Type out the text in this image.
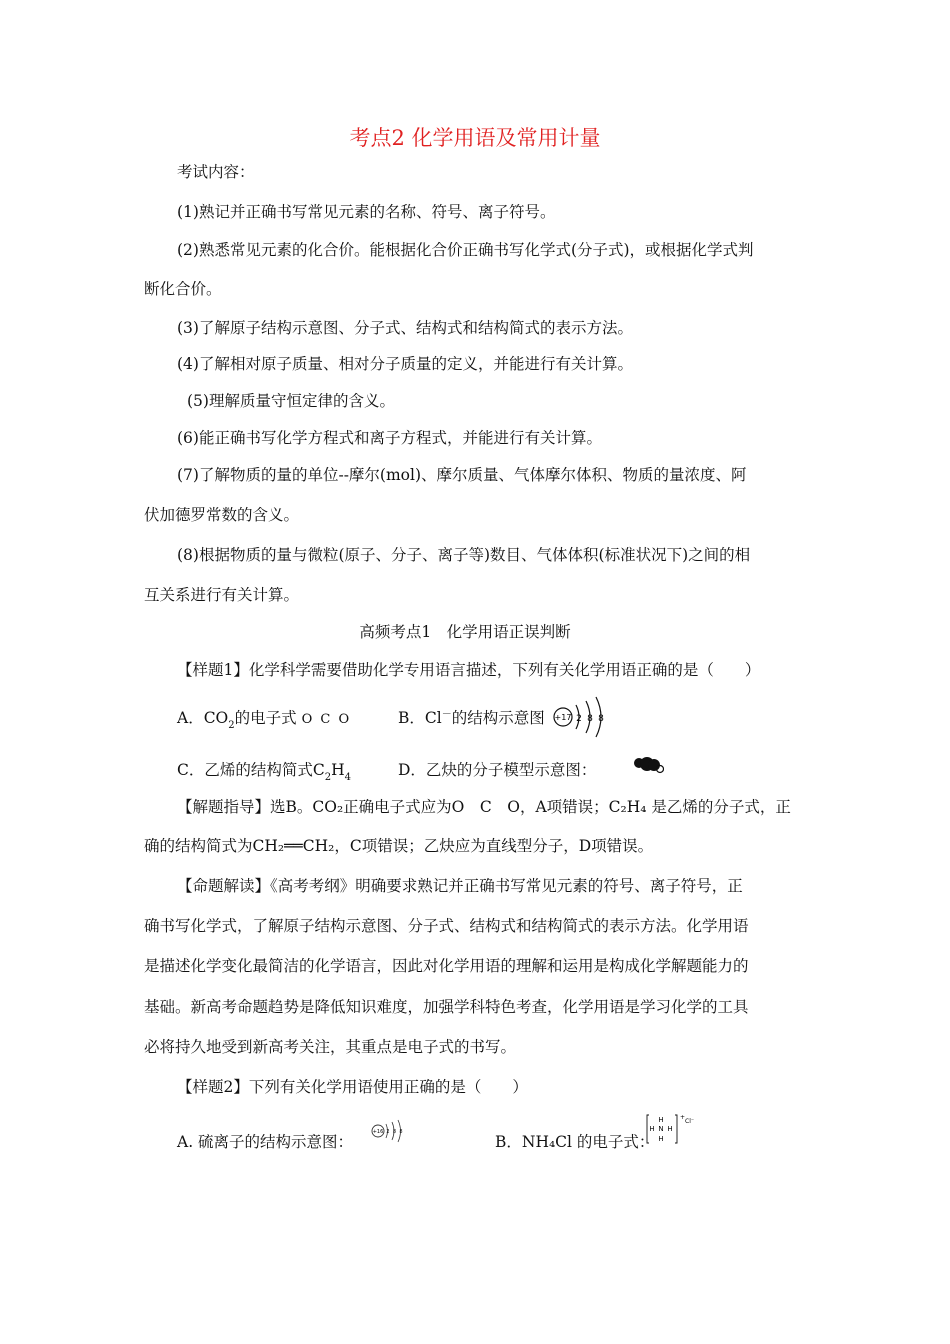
考点2 化学用语及常用计量
考试内容：
(1)熟记并正确书写常见元素的名称、符号、离子符号。
(2)熟悉常见元素的化合价。能根据化合价正确书写化学式(分子式)，或根据化学式判
断化合价。
(3)了解原子结构示意图、分子式、结构式和结构简式的表示方法。
(4)了解相对原子质量、相对分子质量的定义，并能进行有关计算。
(5)理解质量守恒定律的含义。
(6)能正确书写化学方程式和离子方程式，并能进行有关计算。
(7)了解物质的量的单位--摩尔(mol)、摩尔质量、气体摩尔体积、物质的量浓度、阿
伏加德罗常数的含义。
(8)根据物质的量与微粒(原子、分子、离子等)数目、气体体积(标准状况下)之间的相
互关系进行有关计算。
高频考点1　化学用语正误判断
【样题1】化学科学需要借助化学专用语言描述，下列有关化学用语正确的是（　　）
A．$CO_2$的电子式 O C O	B．Cl－的结构示意图 +17 2 8 8
C．乙烯的结构简式$C_2H_4$	D．乙炔的分子模型示意图：
【解题指导】选B。CO₂正确电子式应为O　C　O，A项错误；C₂H₄ 是乙烯的分子式，正
确的结构简式为CH₂══CH₂，C项错误；乙炔应为直线型分子，D项错误。
【命题解读】《高考考纲》明确要求熟记并正确书写常见元素的符号、离子符号，正
确书写化学式，了解原子结构示意图、分子式、结构式和结构简式的表示方法。化学用语
是描述化学变化最简洁的化学语言，因此对化学用语的理解和运用是构成化学解题能力的
基础。新高考命题趋势是降低知识难度，加强学科特色考查，化学用语是学习化学的工具
必将持久地受到新高考关注，其重点是电子式的书写。
【样题2】下列有关化学用语使用正确的是（　　）
A. 硫离子的结构示意图：
+16 2 8 8
B．NH₄Cl 的电子式：
H
H N H
H
+
Cl⁻
